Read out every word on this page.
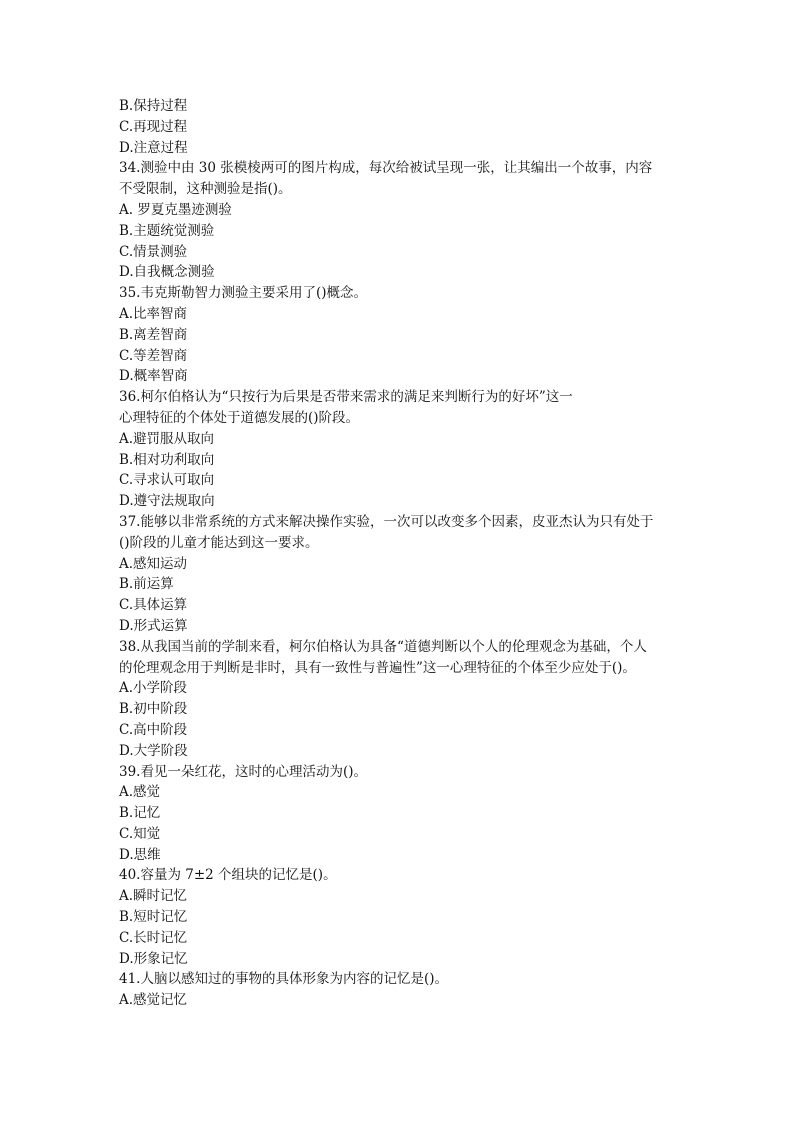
B.保持过程
C.再现过程
D.注意过程
34.测验中由 30 张模棱两可的图片构成，每次给被试呈现一张，让其编出一个故事，内容
不受限制，这种测验是指()。
A. 罗夏克墨迹测验
B.主题统觉测验
C.情景测验
D.自我概念测验
35.韦克斯勒智力测验主要采用了()概念。
A.比率智商
B.离差智商
C.等差智商
D.概率智商
36.柯尔伯格认为“只按行为后果是否带来需求的满足来判断行为的好坏”这一
心理特征的个体处于道德发展的()阶段。
A.避罚服从取向
B.相对功利取向
C.寻求认可取向
D.遵守法规取向
37.能够以非常系统的方式来解决操作实验，一次可以改变多个因素，皮亚杰认为只有处于
()阶段的儿童才能达到这一要求。
A.感知运动
B.前运算
C.具体运算
D.形式运算
38.从我国当前的学制来看，柯尔伯格认为具备“道德判断以个人的伦理观念为基础，个人
的伦理观念用于判断是非时，具有一致性与普遍性”这一心理特征的个体至少应处于()。
A.小学阶段
B.初中阶段
C.高中阶段
D.大学阶段
39.看见一朵红花，这时的心理活动为()。
A.感觉
B.记忆
C.知觉
D.思维
40.容量为 7±2 个组块的记忆是()。
A.瞬时记忆
B.短时记忆
C.长时记忆
D.形象记忆
41.人脑以感知过的事物的具体形象为内容的记忆是()。
A.感觉记忆
